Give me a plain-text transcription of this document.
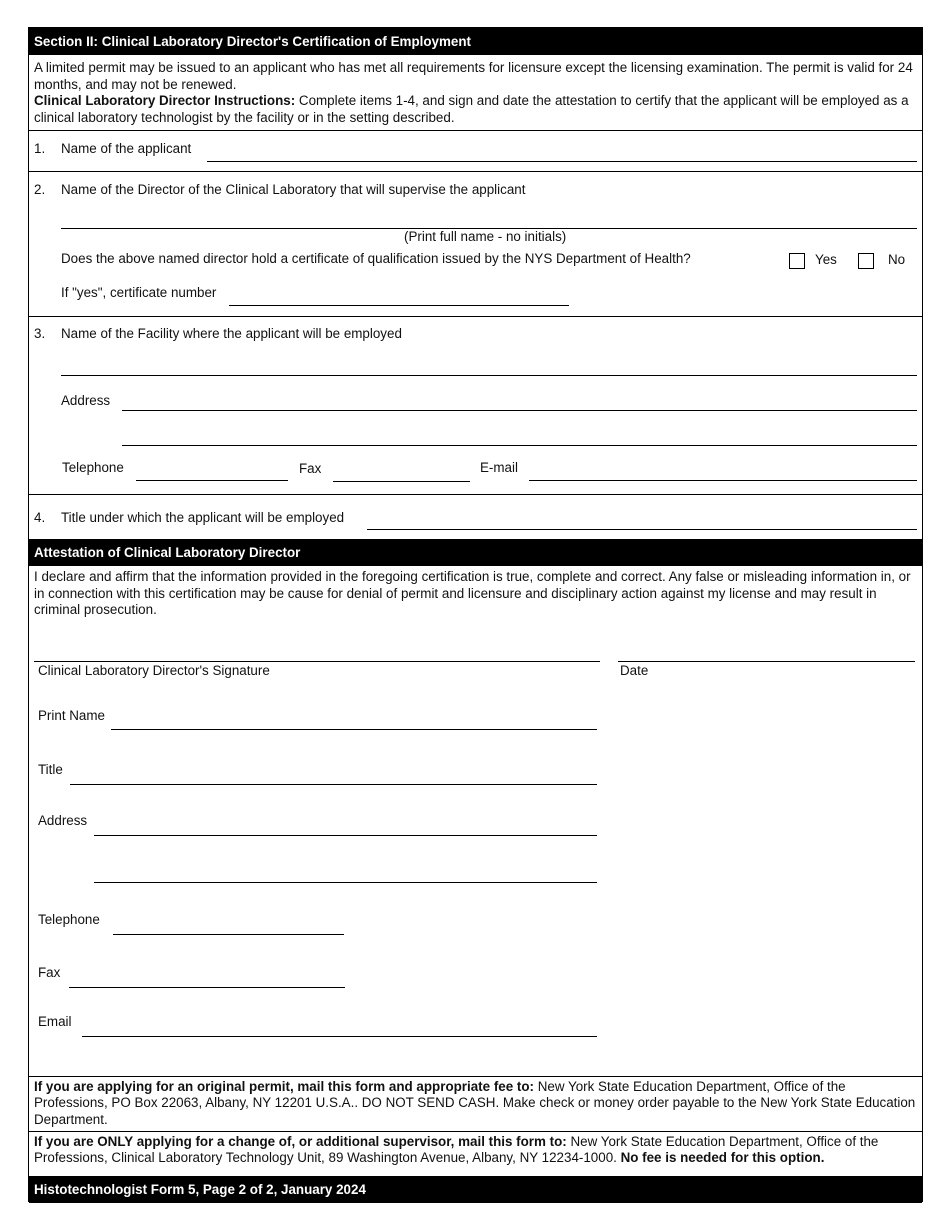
Section II: Clinical Laboratory Director's Certification of Employment
A limited permit may be issued to an applicant who has met all requirements for licensure except the licensing examination. The permit is valid for 24 months, and may not be renewed.
Clinical Laboratory Director Instructions: Complete items 1-4, and sign and date the attestation to certify that the applicant will be employed as a clinical laboratory technologist by the facility or in the setting described.
1. Name of the applicant
2. Name of the Director of the Clinical Laboratory that will supervise the applicant
(Print full name - no initials)
Does the above named director hold a certificate of qualification issued by the NYS Department of Health?	Yes	No
If "yes", certificate number
3. Name of the Facility where the applicant will be employed
Address
Telephone	Fax	E-mail
4. Title under which the applicant will be employed
Attestation of Clinical Laboratory Director
I declare and affirm that the information provided in the foregoing certification is true, complete and correct. Any false or misleading information in, or in connection with this certification may be cause for denial of permit and licensure and disciplinary action against my license and may result in criminal prosecution.
Clinical Laboratory Director's Signature	Date
Print Name
Title
Address
Telephone
Fax
Email
If you are applying for an original permit, mail this form and appropriate fee to: New York State Education Department, Office of the Professions, PO Box 22063, Albany, NY 12201 U.S.A.. DO NOT SEND CASH. Make check or money order payable to the New York State Education Department.
If you are ONLY applying for a change of, or additional supervisor, mail this form to: New York State Education Department, Office of the Professions, Clinical Laboratory Technology Unit, 89 Washington Avenue, Albany, NY 12234-1000. No fee is needed for this option.
Histotechnologist Form 5, Page 2 of 2, January 2024
